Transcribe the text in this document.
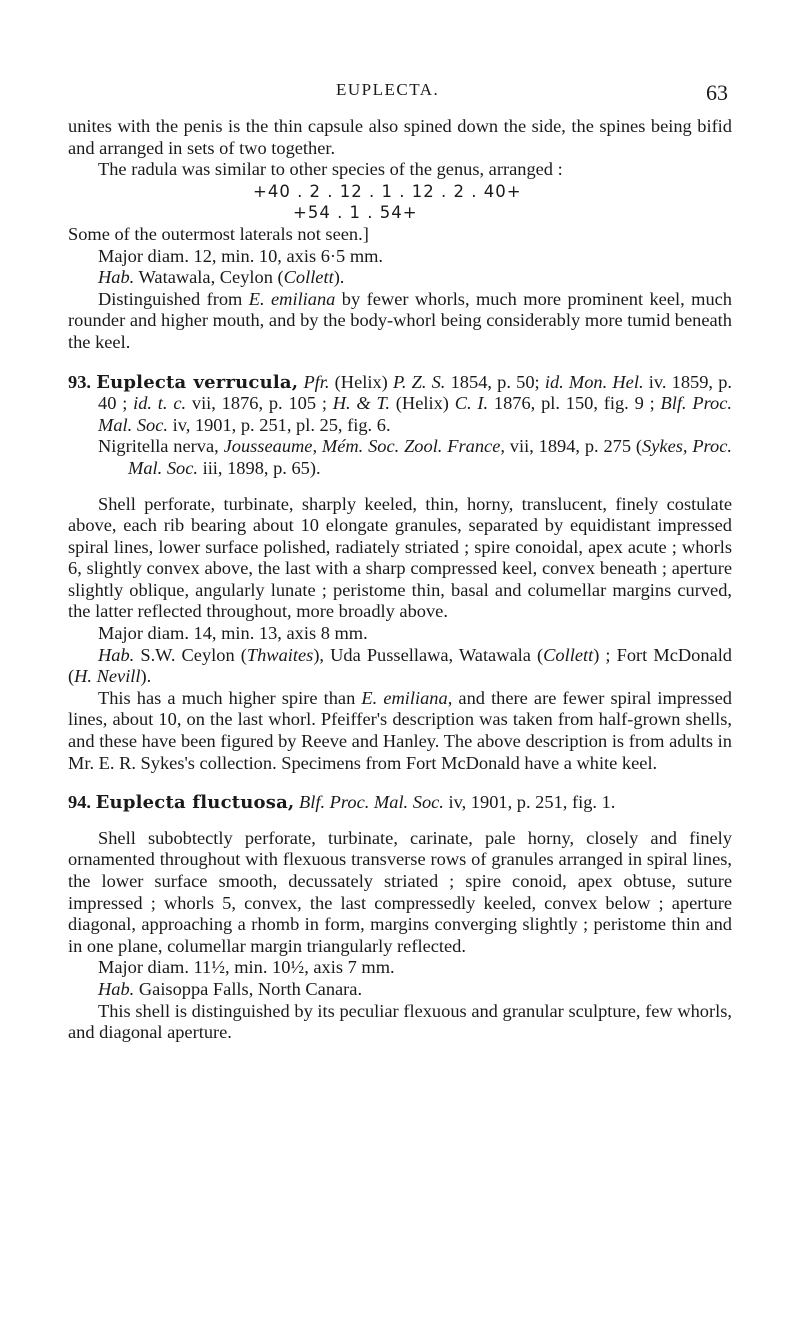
EUPLECTA.	63

unites with the penis is the thin capsule also spined down the side, the spines being bifid and arranged in sets of two together.

The radula was similar to other species of the genus, arranged :

+40 . 2 . 12 . 1 . 12 . 2 . 40+
+54 . 1 . 54+

Some of the outermost laterals not seen.]

Major diam. 12, min. 10, axis 6·5 mm.

Hab. Watawala, Ceylon (Collett).

Distinguished from E. emiliana by fewer whorls, much more prominent keel, much rounder and higher mouth, and by the body-whorl being considerably more tumid beneath the keel.

93. Euplecta verrucula, Pfr. (Helix) P. Z. S. 1854, p. 50; id. Mon. Hel. iv. 1859, p. 40 ; id. t. c. vii, 1876, p. 105 ; H. & T. (Helix) C. I. 1876, pl. 150, fig. 9 ; Blf. Proc. Mal. Soc. iv, 1901, p. 251, pl. 25, fig. 6.

Nigritella nerva, Jousseaume, Mém. Soc. Zool. France, vii, 1894, p. 275 (Sykes, Proc. Mal. Soc. iii, 1898, p. 65).

Shell perforate, turbinate, sharply keeled, thin, horny, translucent, finely costulate above, each rib bearing about 10 elongate granules, separated by equidistant impressed spiral lines, lower surface polished, radiately striated ; spire conoidal, apex acute ; whorls 6, slightly convex above, the last with a sharp compressed keel, convex beneath ; aperture slightly oblique, angularly lunate ; peristome thin, basal and columellar margins curved, the latter reflected throughout, more broadly above.

Major diam. 14, min. 13, axis 8 mm.

Hab. S.W. Ceylon (Thwaites), Uda Pussellawa, Watawala (Collett) ; Fort McDonald (H. Nevill).

This has a much higher spire than E. emiliana, and there are fewer spiral impressed lines, about 10, on the last whorl. Pfeiffer's description was taken from half-grown shells, and these have been figured by Reeve and Hanley. The above description is from adults in Mr. E. R. Sykes's collection. Specimens from Fort McDonald have a white keel.

94. Euplecta fluctuosa, Blf. Proc. Mal. Soc. iv, 1901, p. 251, fig. 1.

Shell subobtectly perforate, turbinate, carinate, pale horny, closely and finely ornamented throughout with flexuous transverse rows of granules arranged in spiral lines, the lower surface smooth, decussately striated ; spire conoid, apex obtuse, suture impressed ; whorls 5, convex, the last compressedly keeled, convex below ; aperture diagonal, approaching a rhomb in form, margins converging slightly ; peristome thin and in one plane, columellar margin triangularly reflected.

Major diam. 11½, min. 10½, axis 7 mm.

Hab. Gaisoppa Falls, North Canara.

This shell is distinguished by its peculiar flexuous and granular sculpture, few whorls, and diagonal aperture.
